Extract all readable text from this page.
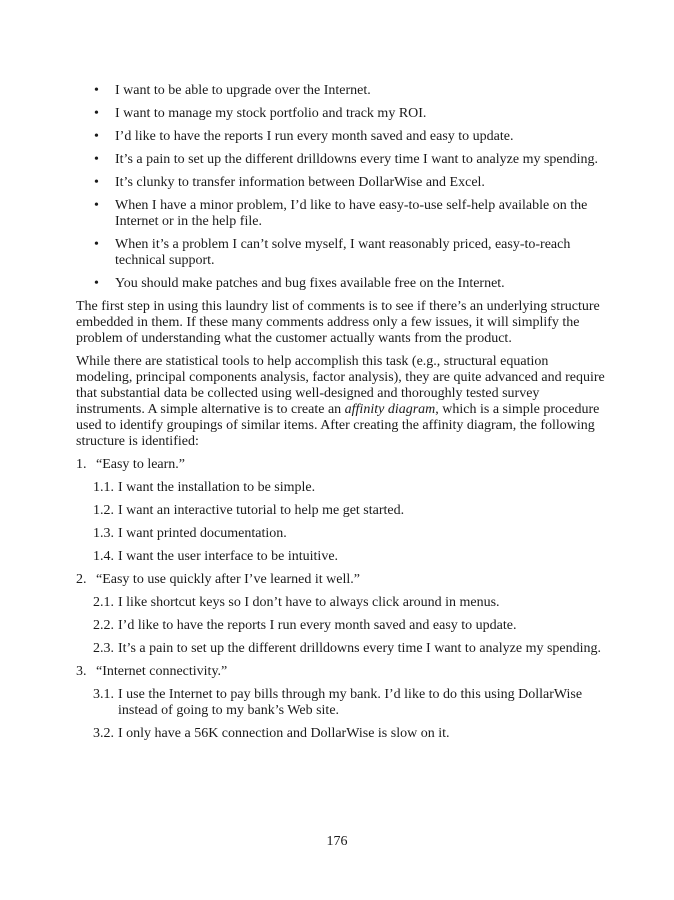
• I want to be able to upgrade over the Internet.
• I want to manage my stock portfolio and track my ROI.
• I’d like to have the reports I run every month saved and easy to update.
• It’s a pain to set up the different drilldowns every time I want to analyze my spending.
• It’s clunky to transfer information between DollarWise and Excel.
• When I have a minor problem, I’d like to have easy-to-use self-help available on the Internet or in the help file.
• When it’s a problem I can’t solve myself, I want reasonably priced, easy-to-reach technical support.
• You should make patches and bug fixes available free on the Internet.

The first step in using this laundry list of comments is to see if there’s an underlying structure embedded in them. If these many comments address only a few issues, it will simplify the problem of understanding what the customer actually wants from the product.

While there are statistical tools to help accomplish this task (e.g., structural equation modeling, principal components analysis, factor analysis), they are quite advanced and require that substantial data be collected using well-designed and thoroughly tested survey instruments. A simple alternative is to create an affinity diagram, which is a simple procedure used to identify groupings of similar items. After creating the affinity diagram, the following structure is identified:

1. “Easy to learn.”
1.1. I want the installation to be simple.
1.2. I want an interactive tutorial to help me get started.
1.3. I want printed documentation.
1.4. I want the user interface to be intuitive.
2. “Easy to use quickly after I’ve learned it well.”
2.1. I like shortcut keys so I don’t have to always click around in menus.
2.2. I’d like to have the reports I run every month saved and easy to update.
2.3. It’s a pain to set up the different drilldowns every time I want to analyze my spending.
3. “Internet connectivity.”
3.1. I use the Internet to pay bills through my bank. I’d like to do this using DollarWise instead of going to my bank’s Web site.
3.2. I only have a 56K connection and DollarWise is slow on it.
176
